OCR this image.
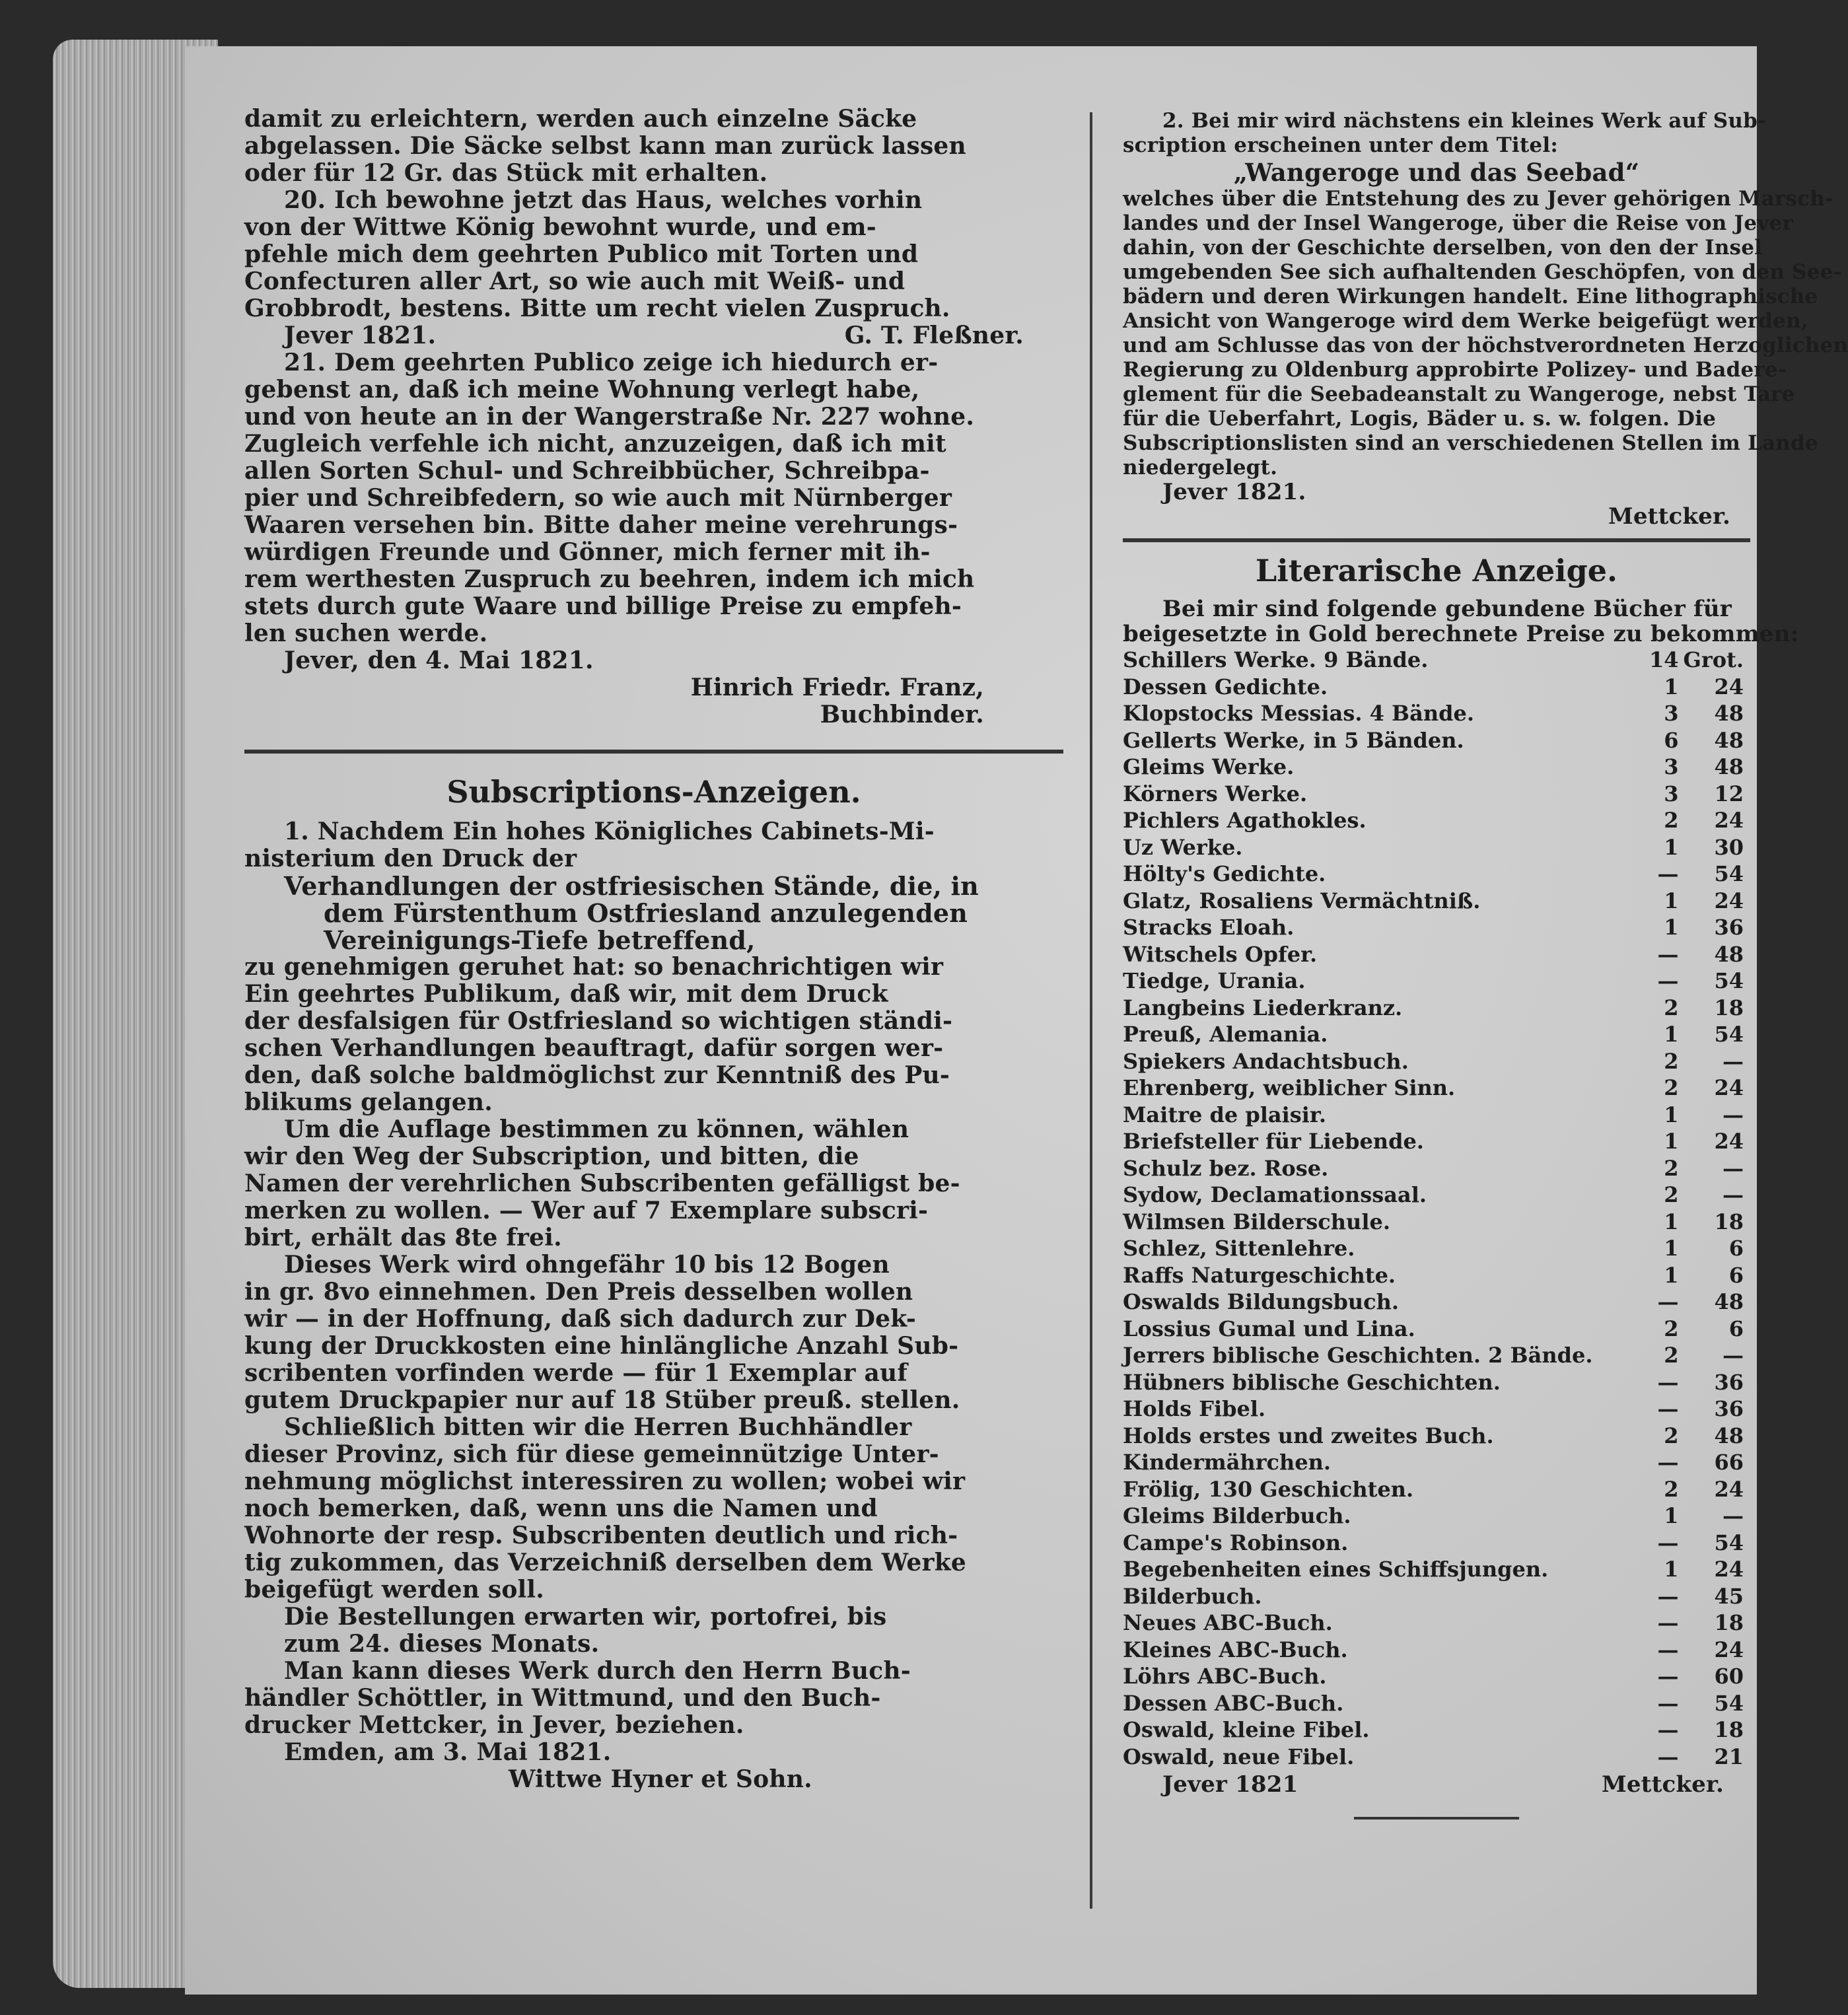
damit zu erleichtern, werden auch einzelne Säcke

abgelassen. Die Säcke selbst kann man zurück lassen

oder für 12 Gr. das Stück mit erhalten.

20. Ich bewohne jetzt das Haus, welches vorhin

von der Wittwe König bewohnt wurde, und em-

pfehle mich dem geehrten Publico mit Torten und

Confecturen aller Art, so wie auch mit Weiß- und

Grobbrodt, bestens. Bitte um recht vielen Zuspruch.

Jever 1821.	G. T. Fleßner.

21. Dem geehrten Publico zeige ich hiedurch er-

gebenst an, daß ich meine Wohnung verlegt habe,

und von heute an in der Wangerstraße Nr. 227 wohne.

Zugleich verfehle ich nicht, anzuzeigen, daß ich mit

allen Sorten Schul- und Schreibbücher, Schreibpa-

pier und Schreibfedern, so wie auch mit Nürnberger

Waaren versehen bin. Bitte daher meine verehrungs-

würdigen Freunde und Gönner, mich ferner mit ih-

rem werthesten Zuspruch zu beehren, indem ich mich

stets durch gute Waare und billige Preise zu empfeh-

len suchen werde.

Jever, den 4. Mai 1821.

Hinrich Friedr. Franz,

Buchbinder.

Subscriptions-Anzeigen.

1. Nachdem Ein hohes Königliches Cabinets-Mi-

nisterium den Druck der

Verhandlungen der ostfriesischen Stände, die, in

dem Fürstenthum Ostfriesland anzulegenden

Vereinigungs-Tiefe betreffend,

zu genehmigen geruhet hat: so benachrichtigen wir

Ein geehrtes Publikum, daß wir, mit dem Druck

der desfalsigen für Ostfriesland so wichtigen ständi-

schen Verhandlungen beauftragt, dafür sorgen wer-

den, daß solche baldmöglichst zur Kenntniß des Pu-

blikums gelangen.

Um die Auflage bestimmen zu können, wählen

wir den Weg der Subscription, und bitten, die

Namen der verehrlichen Subscribenten gefälligst be-

merken zu wollen. — Wer auf 7 Exemplare subscri-

birt, erhält das 8te frei.

Dieses Werk wird ohngefähr 10 bis 12 Bogen

in gr. 8vo einnehmen. Den Preis desselben wollen

wir — in der Hoffnung, daß sich dadurch zur Dek-

kung der Druckkosten eine hinlängliche Anzahl Sub-

scribenten vorfinden werde — für 1 Exemplar auf

gutem Druckpapier nur auf 18 Stüber preuß. stellen.

Schließlich bitten wir die Herren Buchhändler

dieser Provinz, sich für diese gemeinnützige Unter-

nehmung möglichst interessiren zu wollen; wobei wir

noch bemerken, daß, wenn uns die Namen und

Wohnorte der resp. Subscribenten deutlich und rich-

tig zukommen, das Verzeichniß derselben dem Werke

beigefügt werden soll.

Die Bestellungen erwarten wir, portofrei, bis

zum 24. dieses Monats.

Man kann dieses Werk durch den Herrn Buch-

händler Schöttler, in Wittmund, und den Buch-

drucker Mettcker, in Jever, beziehen.

Emden, am 3. Mai 1821.

Wittwe Hyner et Sohn.

2. Bei mir wird nächstens ein kleines Werk auf Sub-

scription erscheinen unter dem Titel:

„Wangeroge und das Seebad“

welches über die Entstehung des zu Jever gehörigen Marsch-

landes und der Insel Wangeroge, über die Reise von Jever

dahin, von der Geschichte derselben, von den der Insel

umgebenden See sich aufhaltenden Geschöpfen, von den See-

bädern und deren Wirkungen handelt. Eine lithographische

Ansicht von Wangeroge wird dem Werke beigefügt werden,

und am Schlusse das von der höchstverordneten Herzoglichen

Regierung zu Oldenburg approbirte Polizey- und Badere-

glement für die Seebadeanstalt zu Wangeroge, nebst Tare

für die Ueberfahrt, Logis, Bäder u. s. w. folgen. Die

Subscriptionslisten sind an verschiedenen Stellen im Lande

niedergelegt.

Jever 1821.

Mettcker.

Literarische Anzeige.

Bei mir sind folgende gebundene Bücher für

beigesetzte in Gold berechnete Preise zu bekommen:

Schillers Werke. 9 Bände.	14	Grot.
Dessen Gedichte.	1	24
Klopstocks Messias. 4 Bände.	3	48
Gellerts Werke, in 5 Bänden.	6	48
Gleims Werke.	3	48
Körners Werke.	3	12
Pichlers Agathokles.	2	24
Uz Werke.	1	30
Hölty's Gedichte.	—	54
Glatz, Rosaliens Vermächtniß.	1	24
Stracks Eloah.	1	36
Witschels Opfer.	—	48
Tiedge, Urania.	—	54
Langbeins Liederkranz.	2	18
Preuß, Alemania.	1	54
Spiekers Andachtsbuch.	2	—
Ehrenberg, weiblicher Sinn.	2	24
Maitre de plaisir.	1	—
Briefsteller für Liebende.	1	24
Schulz bez. Rose.	2	—
Sydow, Declamationssaal.	2	—
Wilmsen Bilderschule.	1	18
Schlez, Sittenlehre.	1	6
Raffs Naturgeschichte.	1	6
Oswalds Bildungsbuch.	—	48
Lossius Gumal und Lina.	2	6
Jerrers biblische Geschichten. 2 Bände.	2	—
Hübners biblische Geschichten.	—	36
Holds Fibel.	—	36
Holds erstes und zweites Buch.	2	48
Kindermährchen.	—	66
Frölig, 130 Geschichten.	2	24
Gleims Bilderbuch.	1	—
Campe's Robinson.	—	54
Begebenheiten eines Schiffsjungen.	1	24
Bilderbuch.	—	45
Neues ABC-Buch.	—	18
Kleines ABC-Buch.	—	24
Löhrs ABC-Buch.	—	60
Dessen ABC-Buch.	—	54
Oswald, kleine Fibel.	—	18
Oswald, neue Fibel.	—	21

Jever 1821	Mettcker.
